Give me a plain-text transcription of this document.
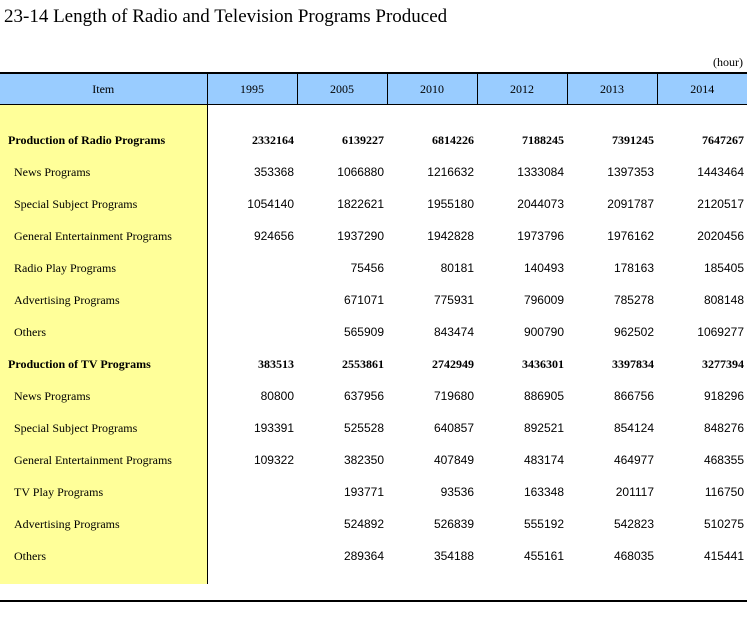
23-14 Length of Radio and Television Programs Produced
(hour)
Item	1995	2005	2010	2012	2013	2014

Production of Radio Programs	2332164	6139227	6814226	7188245	7391245	7647267
News Programs	353368	1066880	1216632	1333084	1397353	1443464
Special Subject Programs	1054140	1822621	1955180	2044073	2091787	2120517
General Entertainment Programs	924656	1937290	1942828	1973796	1976162	2020456
Radio Play Programs		75456	80181	140493	178163	185405
Advertising Programs		671071	775931	796009	785278	808148
Others		565909	843474	900790	962502	1069277
Production of TV Programs	383513	2553861	2742949	3436301	3397834	3277394
News Programs	80800	637956	719680	886905	866756	918296
Special Subject Programs	193391	525528	640857	892521	854124	848276
General Entertainment Programs	109322	382350	407849	483174	464977	468355
TV Play Programs		193771	93536	163348	201117	116750
Advertising Programs		524892	526839	555192	542823	510275
Others		289364	354188	455161	468035	415441
